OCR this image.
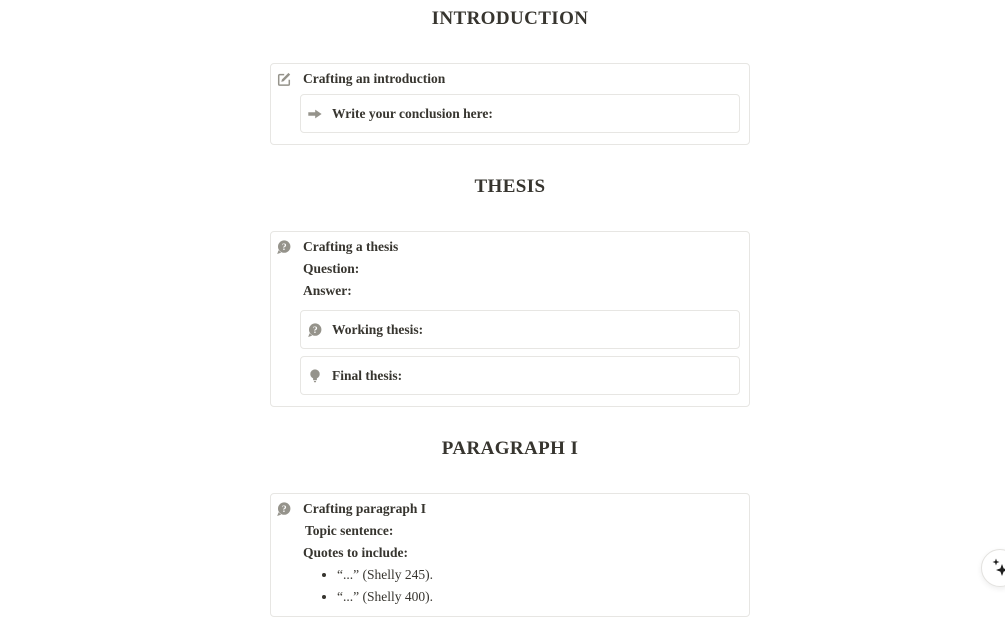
INTRODUCTION
Crafting an introduction
Write your conclusion here:
THESIS
? Crafting a thesis

Question:

Answer:

? Working thesis:
Final thesis:
PARAGRAPH I
? Crafting paragraph I

Topic sentence:

Quotes to include:

• “...” (Shelly 245).
• “...” (Shelly 400).
